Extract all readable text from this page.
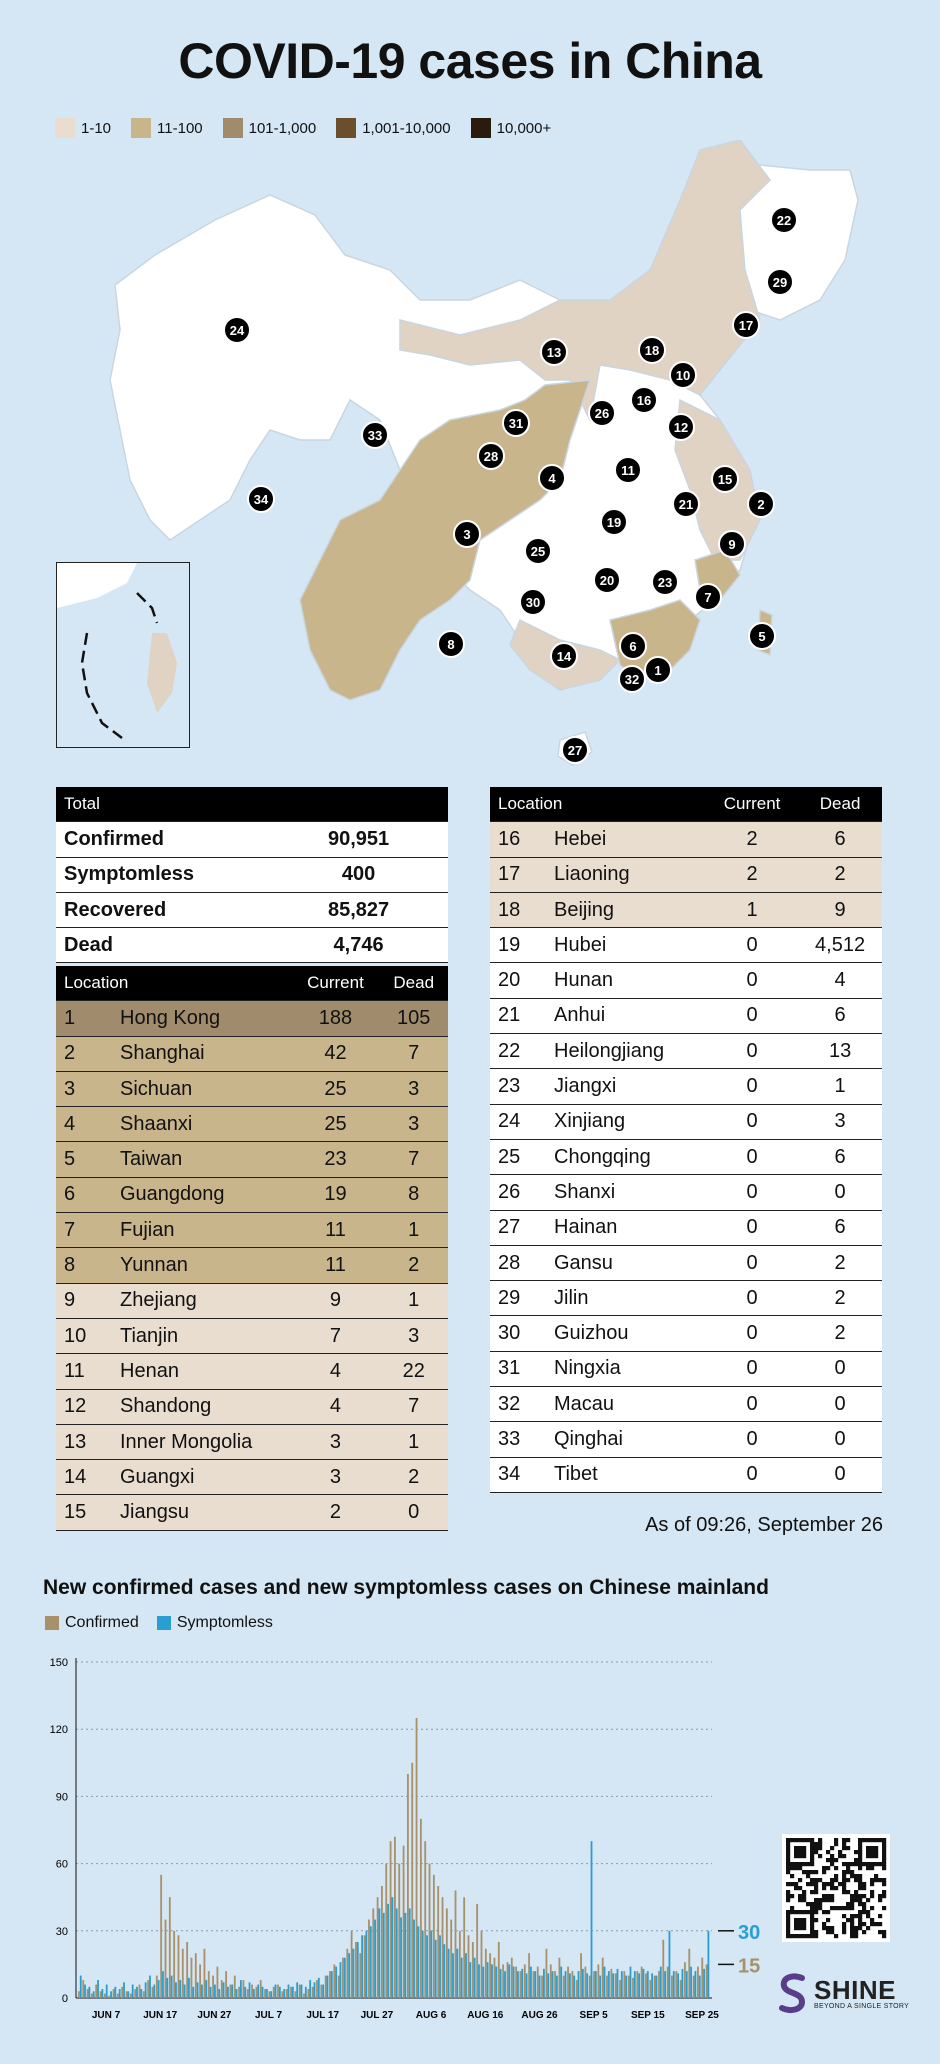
COVID-19 cases in China
1-10	11-100	101-1,000	1,001-10,000	10,000+
22
29
17
24
13	18
10
16
26
12
31
33
28
4
11
15
21	2
34
19
3
9
25
20	23
7
30
8
14
6
32
1
5
27
Total		
Confirmed	90,951	
Symptomless	400	
Recovered	85,827	
Dead	4,746	
Location		Current	Dead
1	Hong Kong	188	105
2	Shanghai	42	7
3	Sichuan	25	3
4	Shaanxi	25	3
5	Taiwan	23	7
6	Guangdong	19	8
7	Fujian	11	1
8	Yunnan	11	2
9	Zhejiang	9	1
10	Tianjin	7	3
11	Henan	4	22
12	Shandong	4	7
13	Inner Mongolia	3	1
14	Guangxi	3	2
15	Jiangsu	2	0
Location		Current	Dead
16	Hebei	2	6
17	Liaoning	2	2
18	Beijing	1	9
19	Hubei	0	4,512
20	Hunan	0	4
21	Anhui	0	6
22	Heilongjiang	0	13
23	Jiangxi	0	1
24	Xinjiang	0	3
25	Chongqing	0	6
26	Shanxi	0	0
27	Hainan	0	6
28	Gansu	0	2
29	Jilin	0	2
30	Guizhou	0	2
31	Ningxia	0	0
32	Macau	0	0
33	Qinghai	0	0
34	Tibet	0	0
As of 09:26, September 26
New confirmed cases and new symptomless cases on Chinese mainland
Confirmed Symptomless
0
30
60
90
120
150
JUN 7 JUN 17 JUN 27 JUL 7 JUL 17 JUL 27 AUG 6 AUG 16 AUG 26 SEP 5 SEP 15 SEP 25
30
15
SHINE
BEYOND A SINGLE STORY
